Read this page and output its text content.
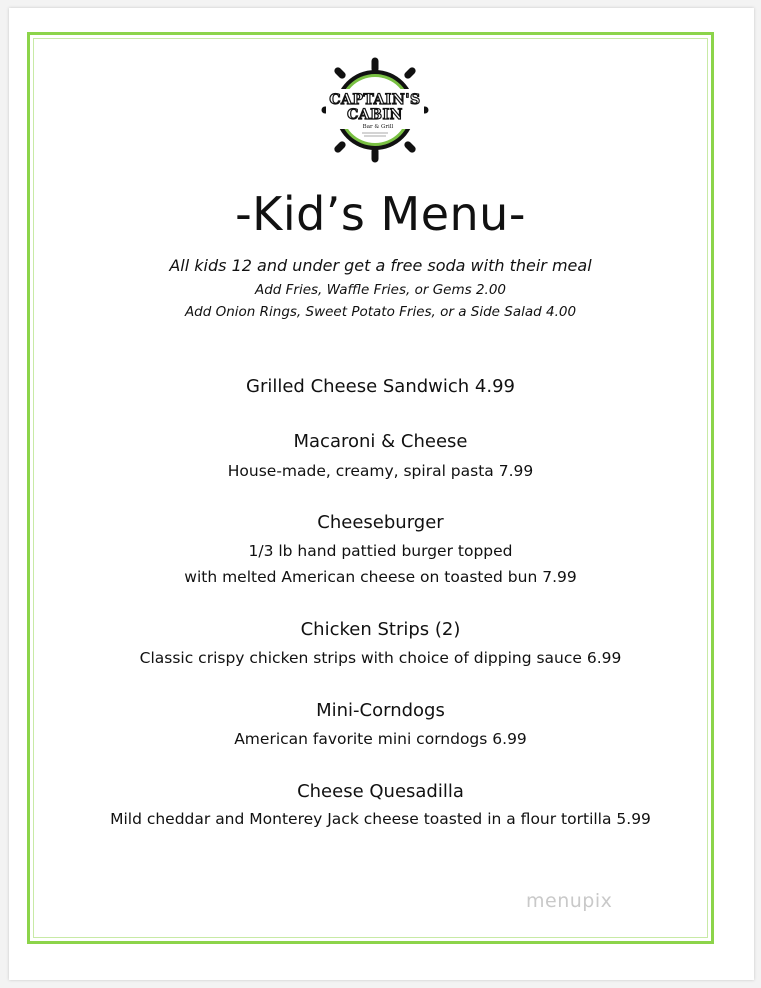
CAPTAIN'S
CABIN
Bar & Grill
-Kid’s Menu-
All kids 12 and under get a free soda with their meal
Add Fries, Waffle Fries, or Gems 2.00
Add Onion Rings, Sweet Potato Fries, or a Side Salad 4.00
Grilled Cheese Sandwich 4.99
Macaroni & Cheese
House-made, creamy, spiral pasta 7.99
Cheeseburger
1/3 lb hand pattied burger topped
with melted American cheese on toasted bun 7.99
Chicken Strips (2)
Classic crispy chicken strips with choice of dipping sauce 6.99
Mini-Corndogs
American favorite mini corndogs 6.99
Cheese Quesadilla
Mild cheddar and Monterey Jack cheese toasted in a flour tortilla 5.99
menupix
